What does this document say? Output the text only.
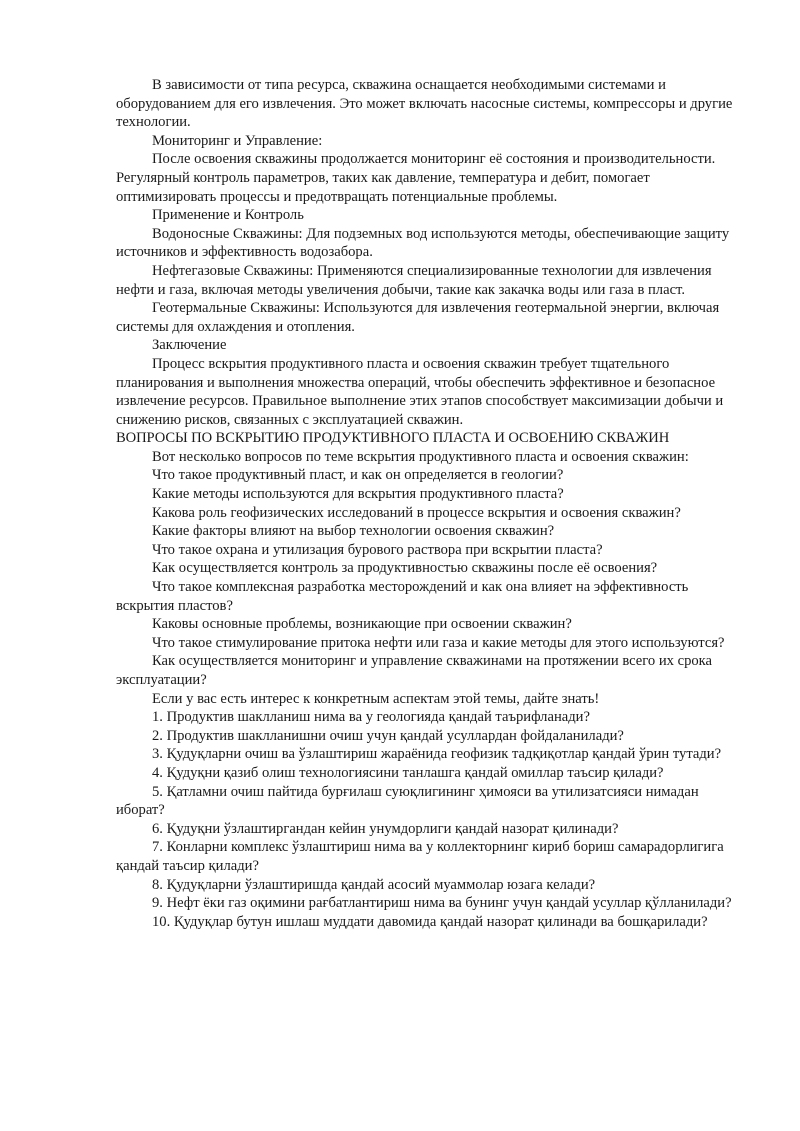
В зависимости от типа ресурса, скважина оснащается необходимыми системами и оборудованием для его извлечения. Это может включать насосные системы, компрессоры и другие технологии.

Мониторинг и Управление:

После освоения скважины продолжается мониторинг её состояния и производительности. Регулярный контроль параметров, таких как давление, температура и дебит, помогает оптимизировать процессы и предотвращать потенциальные проблемы.

Применение и Контроль

Водоносные Скважины: Для подземных вод используются методы, обеспечивающие защиту источников и эффективность водозабора.

Нефтегазовые Скважины: Применяются специализированные технологии для извлечения нефти и газа, включая методы увеличения добычи, такие как закачка воды или газа в пласт.

Геотермальные Скважины: Используются для извлечения геотермальной энергии, включая системы для охлаждения и отопления.

Заключение

Процесс вскрытия продуктивного пласта и освоения скважин требует тщательного планирования и выполнения множества операций, чтобы обеспечить эффективное и безопасное извлечение ресурсов. Правильное выполнение этих этапов способствует максимизации добычи и снижению рисков, связанных с эксплуатацией скважин.

ВОПРОСЫ ПО ВСКРЫТИЮ ПРОДУКТИВНОГО ПЛАСТА И ОСВОЕНИЮ СКВАЖИН

Вот несколько вопросов по теме вскрытия продуктивного пласта и освоения скважин:

Что такое продуктивный пласт, и как он определяется в геологии?

Какие методы используются для вскрытия продуктивного пласта?

Какова роль геофизических исследований в процессе вскрытия и освоения скважин?

Какие факторы влияют на выбор технологии освоения скважин?

Что такое охрана и утилизация бурового раствора при вскрытии пласта?

Как осуществляется контроль за продуктивностью скважины после её освоения?

Что такое комплексная разработка месторождений и как она влияет на эффективность вскрытия пластов?

Каковы основные проблемы, возникающие при освоении скважин?

Что такое стимулирование притока нефти или газа и какие методы для этого используются?

Как осуществляется мониторинг и управление скважинами на протяжении всего их срока эксплуатации?

Если у вас есть интерес к конкретным аспектам этой темы, дайте знать!

1. Продуктив шаклланиш нима ва у геологияда қандай таърифланади?

2. Продуктив шаклланишни очиш учун қандай усуллардан фойдаланилади?

3. Қудуқларни очиш ва ўзлаштириш жараёнида геофизик тадқиқотлар қандай ўрин тутади?

4. Қудуқни қазиб олиш технологиясини танлашга қандай омиллар таъсир қилади?

5. Қатламни очиш пайтида бурғилаш суюқлигининг ҳимояси ва утилизатсияси нимадан иборат?

6. Қудуқни ўзлаштиргандан кейин унумдорлиги қандай назорат қилинади?

7. Конларни комплекс ўзлаштириш нима ва у коллекторнинг кириб бориш самарадорлигига қандай таъсир қилади?

8. Қудуқларни ўзлаштиришда қандай асосий муаммолар юзага келади?

9. Нефт ёки газ оқимини рағбатлантириш нима ва бунинг учун қандай усуллар қўлланилади?

10. Қудуқлар бутун ишлаш муддати давомида қандай назорат қилинади ва бошқарилади?
